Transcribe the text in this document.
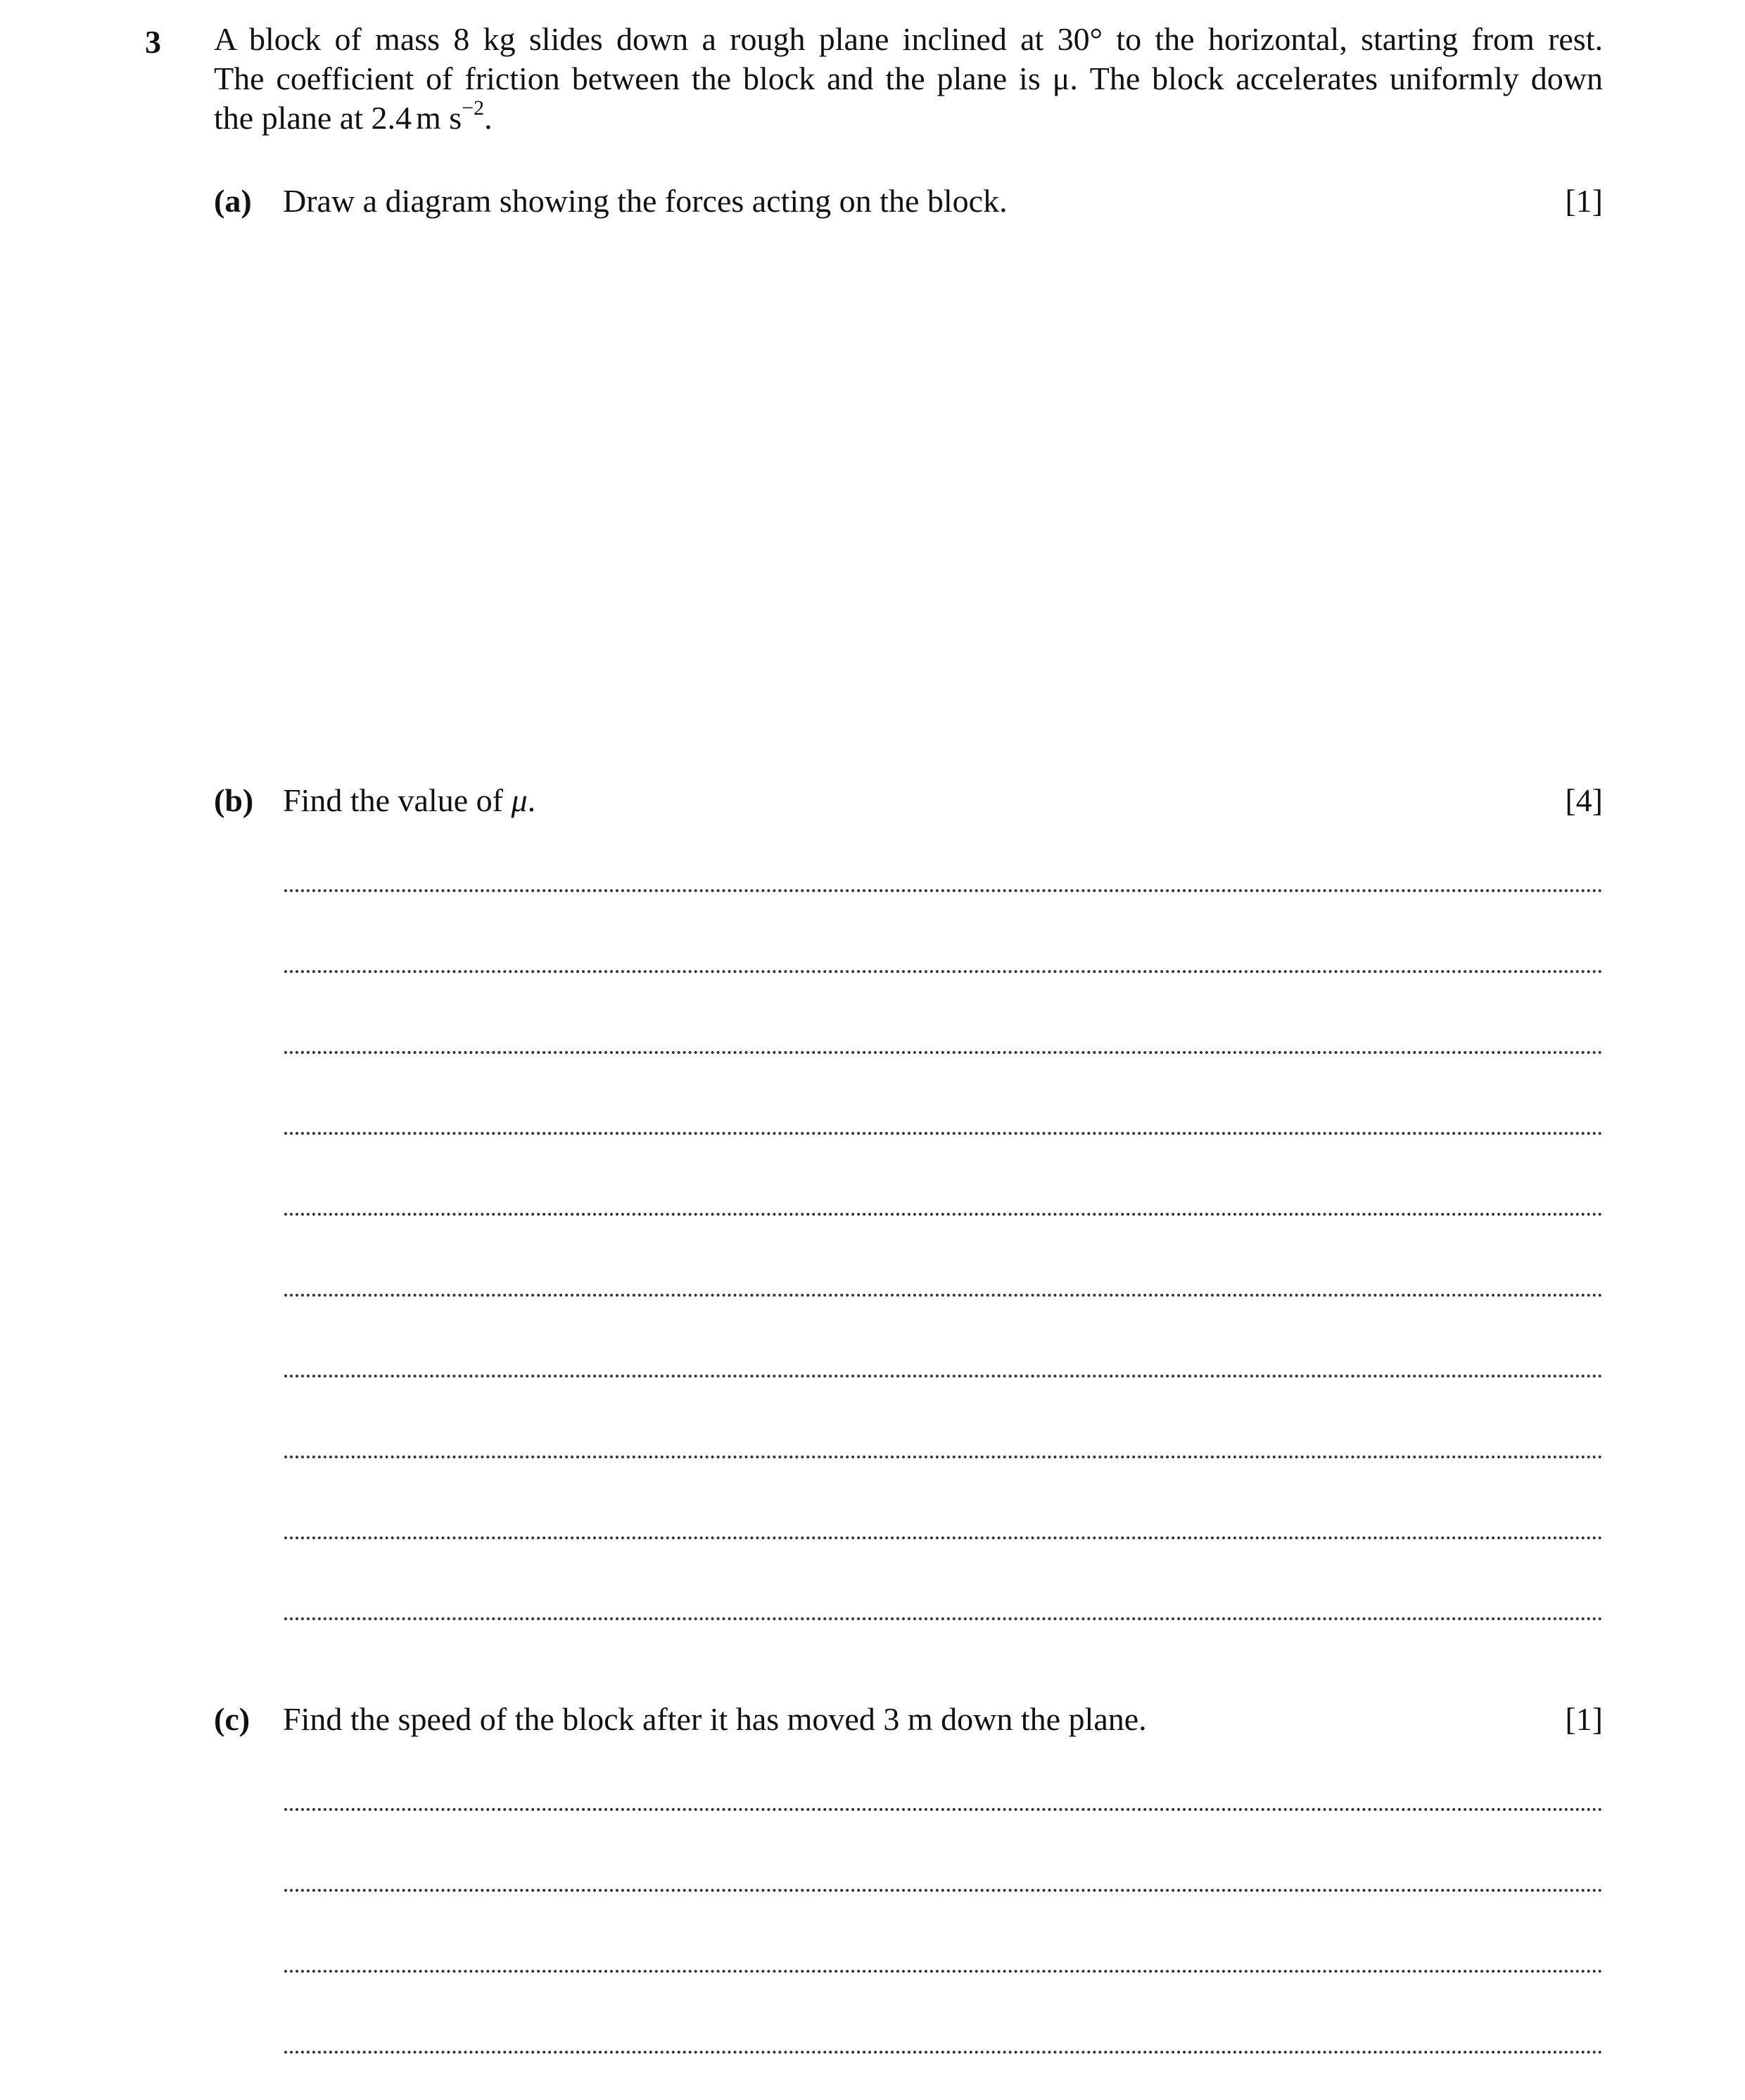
3 A block of mass 8 kg slides down a rough plane inclined at 30° to the horizontal, starting from rest.
The coefficient of friction between the block and the plane is μ. The block accelerates uniformly down
the plane at 2.4 m $s^{-2}$.
(a) Draw a diagram showing the forces acting on the block.	[1]
(b) Find the value of μ.	[4]
(c) Find the speed of the block after it has moved 3 m down the plane.	[1]
